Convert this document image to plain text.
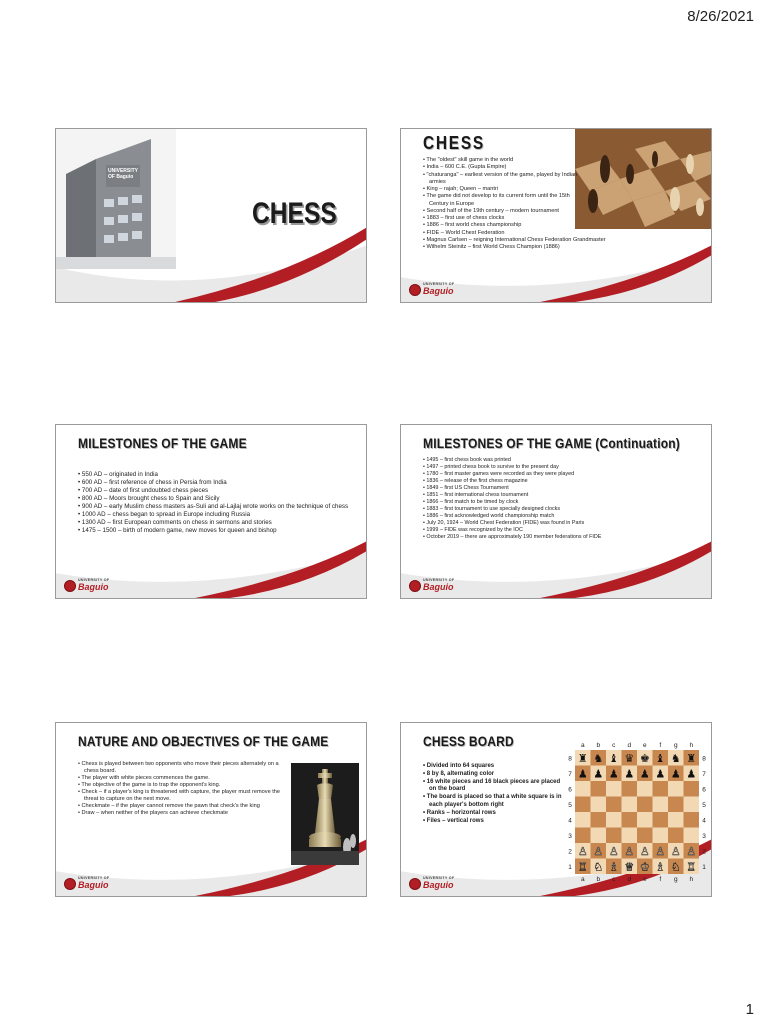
8/26/2021
UNIVERSITY OF Baguio
CHESS
CHESS
• The "oldest" skill game in the world
• India – 600 C.E. (Gupta Empire)
• "chaturanga" – earliest version of the game, played by Indian armies
• King – rajah; Queen – mantri
• The game did not develop to its current form until the 15th Century in Europe
• Second half of the 19th century – modern tournament
• 1883 – first use of chess clocks
• 1886 – first world chess championship
• FIDE – World Chest Federation
• Magnus Carlsen – reigning International Chess Federation Grandmaster
• Wilhelm Steinitz – first World Chess Champion (1886)
UNIVERSITY OF
Baguio
MILESTONES OF THE GAME
• 550 AD – originated in India
• 600 AD – first reference of chess in Persia from India
• 700 AD – date of first undoubted chess pieces
• 800 AD – Moors brought chess to Spain and Sicily
• 900 AD – early Muslim chess masters as-Suli and al-Lajlaj wrote works on the technique of chess
• 1000 AD – chess began to spread in Europe including Russia
• 1300 AD – first European comments on chess in sermons and stories
• 1475 – 1500 – birth of modern game, new moves for queen and bishop
UNIVERSITY OF
Baguio
MILESTONES OF THE GAME (Continuation)
• 1495 – first chess book was printed
• 1497 – printed chess book to survive to the present day
• 1780 – first master games were recorded as they were played
• 1836 – release of the first chess magazine
• 1849 – first US Chess Tournament
• 1851 – first international chess tournament
• 1866 – first match to be timed by clock
• 1883 – first tournament to use specially designed clocks
• 1886 – first acknowledged world championship match
• July 20, 1924 – World Chest Federation (FIDE) was found in Paris
• 1999 – FIDE was recognized by the IOC
• October 2019 – there are approximately 190 member federations of FIDE
UNIVERSITY OF
Baguio
NATURE AND OBJECTIVES OF THE GAME
• Chess is played between two opponents who move their pieces alternately on a chess board.
• The player with white pieces commences the game.
• The objective of the game is to trap the opponent's king.
• Check – if a player's king is threatened with capture, the player must remove the threat to capture on the next move.
• Checkmate – if the player cannot remove the pawn that check's the king
• Draw – when neither of the players can achieve checkmate
UNIVERSITY OF
Baguio
CHESS BOARD
• Divided into 64 squares
• 8 by 8, alternating color
• 16 white pieces and 16 black pieces are placed on the board
• The board is placed so that a white square is in each player's bottom right
• Ranks – horizontal rows
• Files – vertical rows
♜ ♞ ♝ ♛ ♚ ♝ ♞ ♜
8	8
♟ ♟ ♟ ♟ ♟ ♟ ♟ ♟
7	7
6	6
5	5
4	4
3	3
♙ ♙ ♙ ♙ ♙ ♙ ♙ ♙
2	2
♖ ♘ ♗ ♕ ♔ ♗ ♘ ♖
1	1
a
a
b
b
c
c
d
d
e
e
f
f
g
g
h
h
UNIVERSITY OF
Baguio
1
